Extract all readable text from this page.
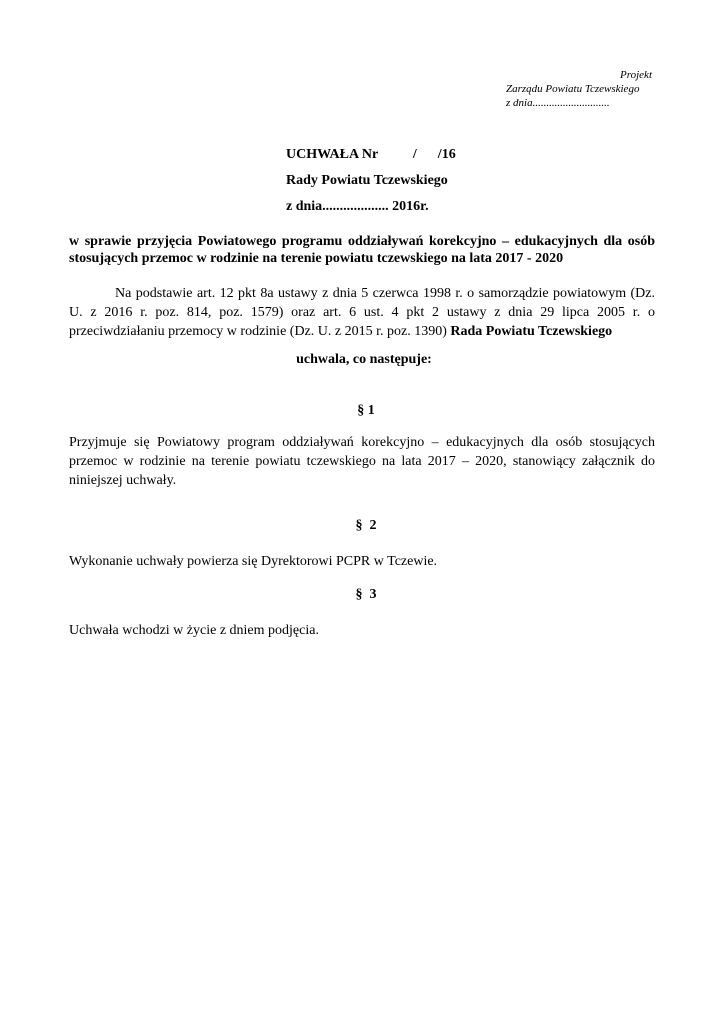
Projekt
Zarządu Powiatu Tczewskiego
z dnia............................
UCHWAŁA Nr          /      /16
Rady Powiatu Tczewskiego
z dnia................... 2016r.
w sprawie przyjęcia Powiatowego programu oddziaływań korekcyjno – edukacyjnych dla osób stosujących przemoc w rodzinie na terenie powiatu tczewskiego na lata 2017 - 2020
Na podstawie art. 12 pkt 8a ustawy z dnia 5 czerwca 1998 r. o samorządzie powiatowym (Dz. U. z 2016 r. poz. 814, poz. 1579) oraz art. 6 ust. 4 pkt 2 ustawy z dnia 29 lipca 2005 r. o przeciwdziałaniu przemocy w rodzinie (Dz. U. z 2015 r. poz. 1390) Rada Powiatu Tczewskiego
uchwala, co następuje:
§ 1
Przyjmuje się Powiatowy program oddziaływań korekcyjno – edukacyjnych dla osób stosujących przemoc w rodzinie na terenie powiatu tczewskiego na lata 2017 – 2020, stanowiący załącznik do niniejszej uchwały.
§  2
Wykonanie uchwały powierza się Dyrektorowi PCPR w Tczewie.
§  3
Uchwała wchodzi w życie z dniem podjęcia.
